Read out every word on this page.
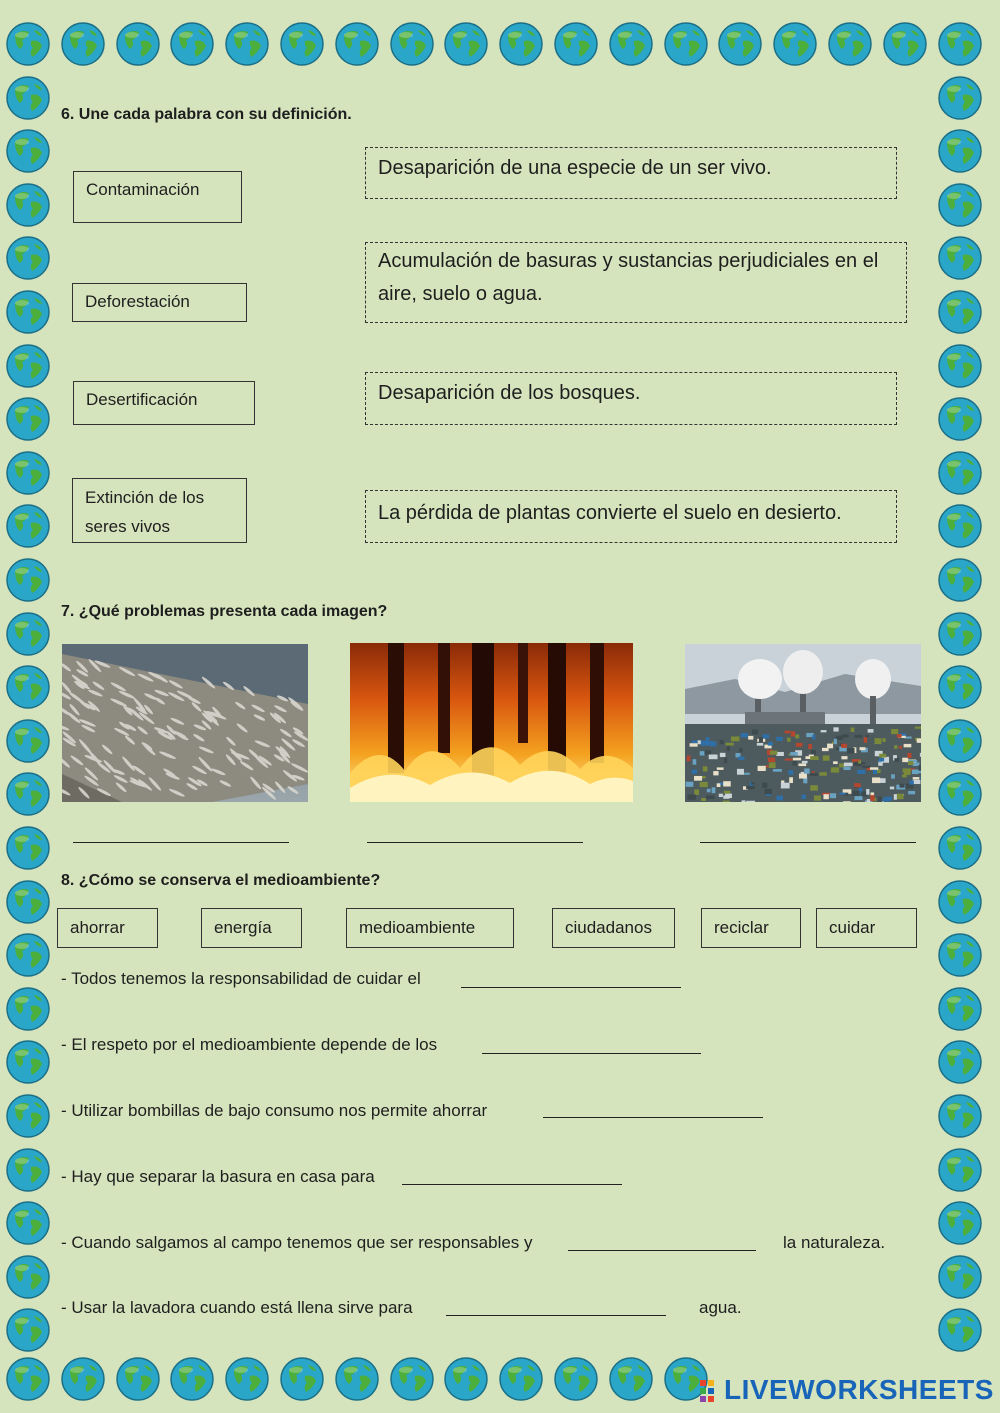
6. Une cada palabra con su definición.
Contaminación
Deforestación
Desertificación
Extinción de los seres vivos
Desaparición de una especie de un ser vivo.
Acumulación de basuras y sustancias perjudiciales en el aire, suelo o agua.
Desaparición de los bosques.
La pérdida de plantas convierte el suelo en desierto.
7. ¿Qué problemas presenta cada imagen?
8. ¿Cómo se conserva el medioambiente?
ahorrar	energía	medioambiente	ciudadanos	reciclar	cuidar
- Todos tenemos la responsabilidad de cuidar el
- El respeto por el medioambiente depende de los
- Utilizar bombillas de bajo consumo nos permite ahorrar
- Hay que separar la basura en casa para
- Cuando salgamos al campo tenemos que ser responsables y	la naturaleza.
- Usar la lavadora cuando está llena sirve para	agua.
LIVEWORKSHEETS
